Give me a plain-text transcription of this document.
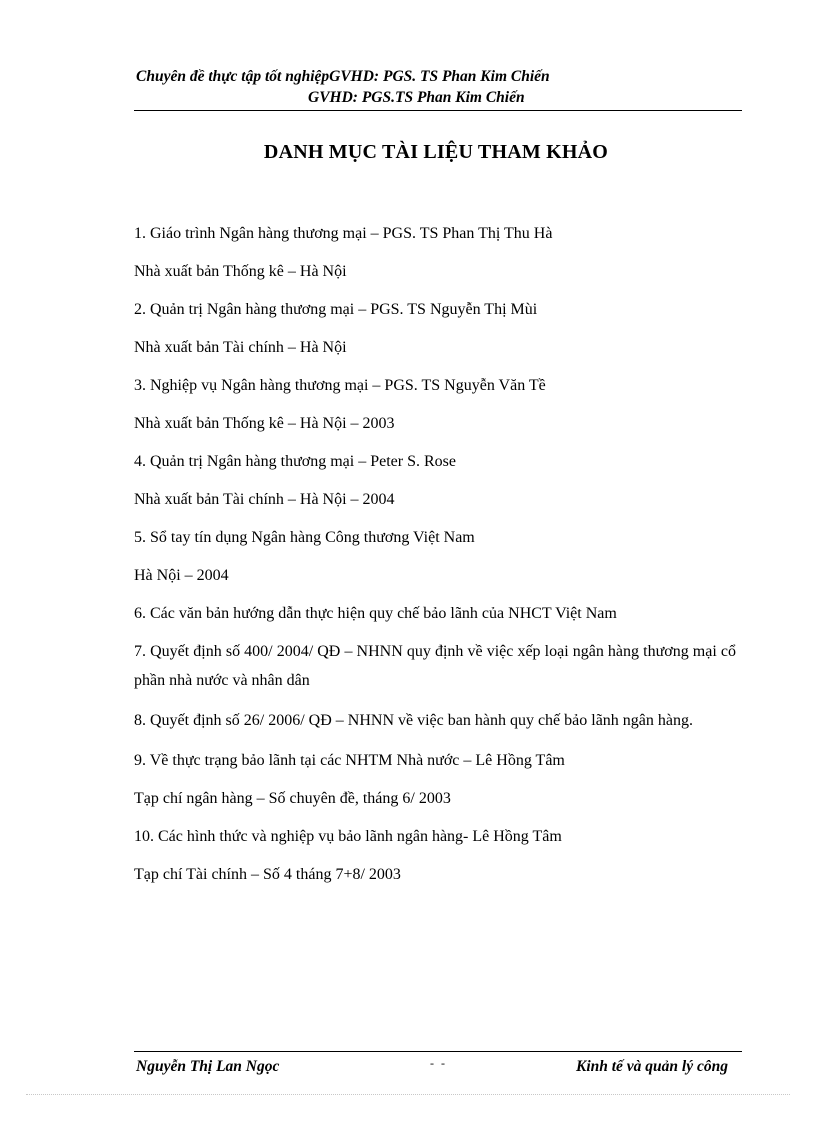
Chuyên đề thực tập tốt nghiệpGVHD: PGS. TS Phan Kim Chiến
GVHD: PGS.TS Phan Kim Chiến
DANH MỤC TÀI LIỆU THAM KHẢO
1. Giáo trình Ngân hàng thương mại – PGS. TS Phan Thị Thu Hà
Nhà xuất bản Thống kê – Hà Nội
2. Quản trị Ngân hàng thương mại – PGS. TS Nguyễn Thị Mùi
Nhà xuất bản Tài chính – Hà Nội
3. Nghiệp vụ Ngân hàng thương mại – PGS. TS Nguyễn Văn Tề
Nhà xuất bản Thống kê – Hà Nội – 2003
4. Quản trị Ngân hàng thương mại – Peter S. Rose
Nhà xuất bản Tài chính – Hà Nội – 2004
5. Sổ tay tín dụng Ngân hàng Công thương Việt Nam
Hà Nội – 2004
6. Các văn bản hướng dẫn thực hiện quy chế bảo lãnh của NHCT Việt Nam
7. Quyết định số 400/ 2004/ QĐ – NHNN quy định về việc xếp loại ngân hàng thương mại cổ phần nhà nước và nhân dân
8. Quyết định số 26/ 2006/ QĐ – NHNN về việc ban hành quy chế bảo lãnh ngân hàng.
9. Về thực trạng bảo lãnh tại các NHTM Nhà nước – Lê Hồng Tâm
Tạp chí ngân hàng – Số chuyên đề, tháng 6/ 2003
10. Các hình thức và nghiệp vụ bảo lãnh ngân hàng- Lê Hồng Tâm
Tạp chí Tài chính – Số 4 tháng 7+8/ 2003
Nguyễn Thị Lan Ngọc	- -	Kinh tế và quản lý công
